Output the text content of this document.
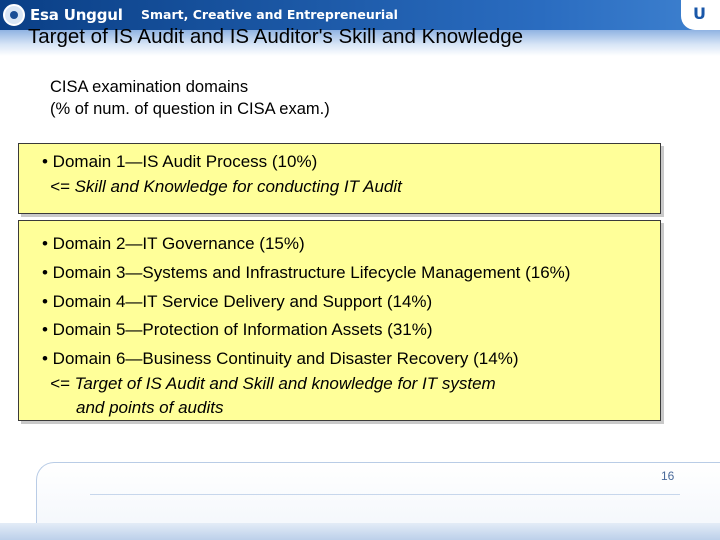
Esa Unggul Smart, Creative and Entrepreneurial	U
Target of IS Audit and IS Auditor's Skill and Knowledge
CISA examination domains
(% of num. of question in CISA exam.)
• Domain 1—IS Audit Process (10%)
<= Skill and Knowledge for conducting IT Audit
• Domain 2—IT Governance (15%)
• Domain 3—Systems and Infrastructure Lifecycle Management (16%)
• Domain 4—IT Service Delivery and Support (14%)
• Domain 5—Protection of Information Assets (31%)
• Domain 6—Business Continuity and Disaster Recovery (14%)
<= Target of IS Audit and Skill and knowledge for IT system
and points of audits
16
